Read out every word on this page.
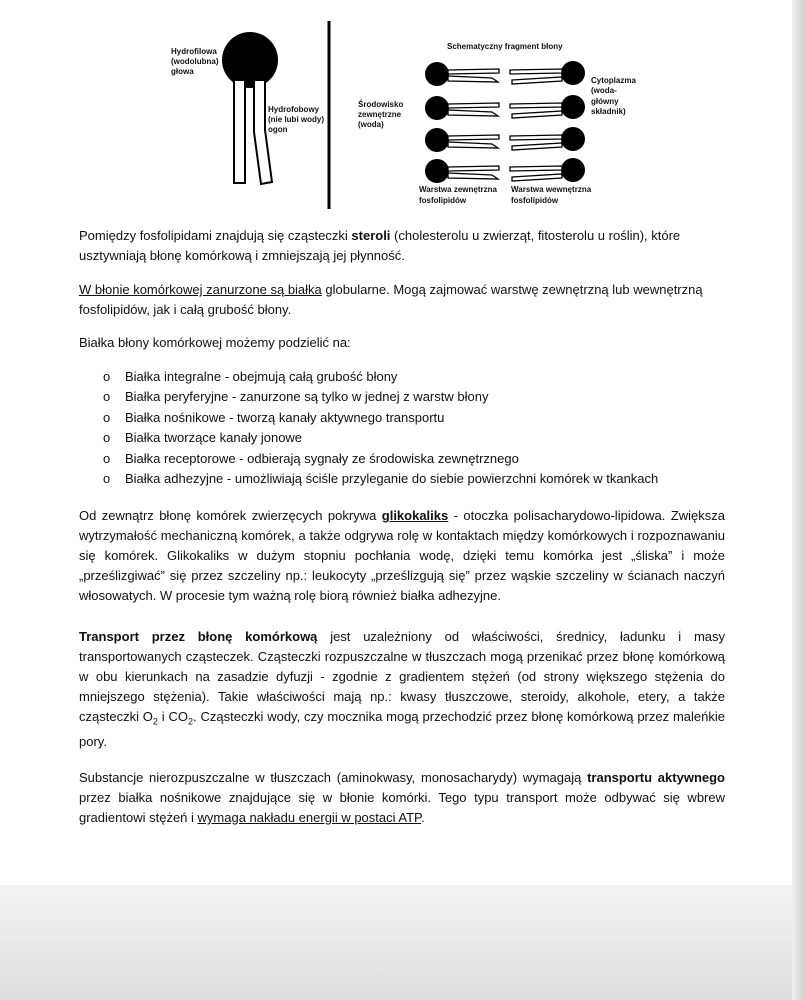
Hydrofilowa (wodolubna) głowa
Hydrofobowy (nie lubi wody) ogon
Schematyczny fragment błony
Środowisko zewnętrzne (woda)
Cytoplazma (woda- główny składnik)
Warstwa zewnętrzna fosfolipidów
Warstwa wewnętrzna fosfolipidów

Pomiędzy fosfolipidami znajdują się cząsteczki steroli (cholesterolu u zwierząt, fitosterolu u roślin), które
usztywniają błonę komórkową i zmniejszają jej płynność.

W błonie komórkowej zanurzone są białka globularne. Mogą zajmować warstwę zewnętrzną lub wewnętrzną
fosfolipidów, jak i całą grubość błony.

Białka błony komórkowej możemy podzielić na:

o Białka integralne - obejmują całą grubość błony
o Białka peryferyjne - zanurzone są tylko w jednej z warstw błony
o Białka nośnikowe - tworzą kanały aktywnego transportu
o Białka tworzące kanały jonowe
o Białka receptorowe - odbierają sygnały ze środowiska zewnętrznego
o Białka adhezyjne - umożliwiają ściśle przyleganie do siebie powierzchni komórek w tkankach

Od zewnątrz błonę komórek zwierzęcych pokrywa glikokaliks - otoczka polisacharydowo-lipidowa. Zwiększa wytrzymałość mechaniczną komórek, a także odgrywa rolę w kontaktach między komórkowych i rozpoznawaniu się komórek. Glikokaliks w dużym stopniu pochłania wodę, dzięki temu komórka jest „śliska” i może „prześlizgiwać” się przez szczeliny np.: leukocyty „prześlizgują się” przez wąskie szczeliny w ścianach naczyń włosowatych. W procesie tym ważną rolę biorą również białka adhezyjne.

Transport przez błonę komórkową jest uzależniony od właściwości, średnicy, ładunku i masy transportowanych cząsteczek. Cząsteczki rozpuszczalne w tłuszczach mogą przenikać przez błonę komórkową w obu kierunkach na zasadzie dyfuzji - zgodnie z gradientem stężeń (od strony większego stężenia do mniejszego stężenia). Takie właściwości mają np.: kwasy tłuszczowe, steroidy, alkohole, etery, a także cząsteczki $O_2$ i $CO_2$. Cząsteczki wody, czy mocznika mogą przechodzić przez błonę komórkową przez maleńkie pory.

Substancje nierozpuszczalne w tłuszczach (aminokwasy, monosacharydy) wymagają transportu aktywnego przez białka nośnikowe znajdujące się w błonie komórki. Tego typu transport może odbywać się wbrew gradientowi stężeń i wymaga nakładu energii w postaci ATP.
